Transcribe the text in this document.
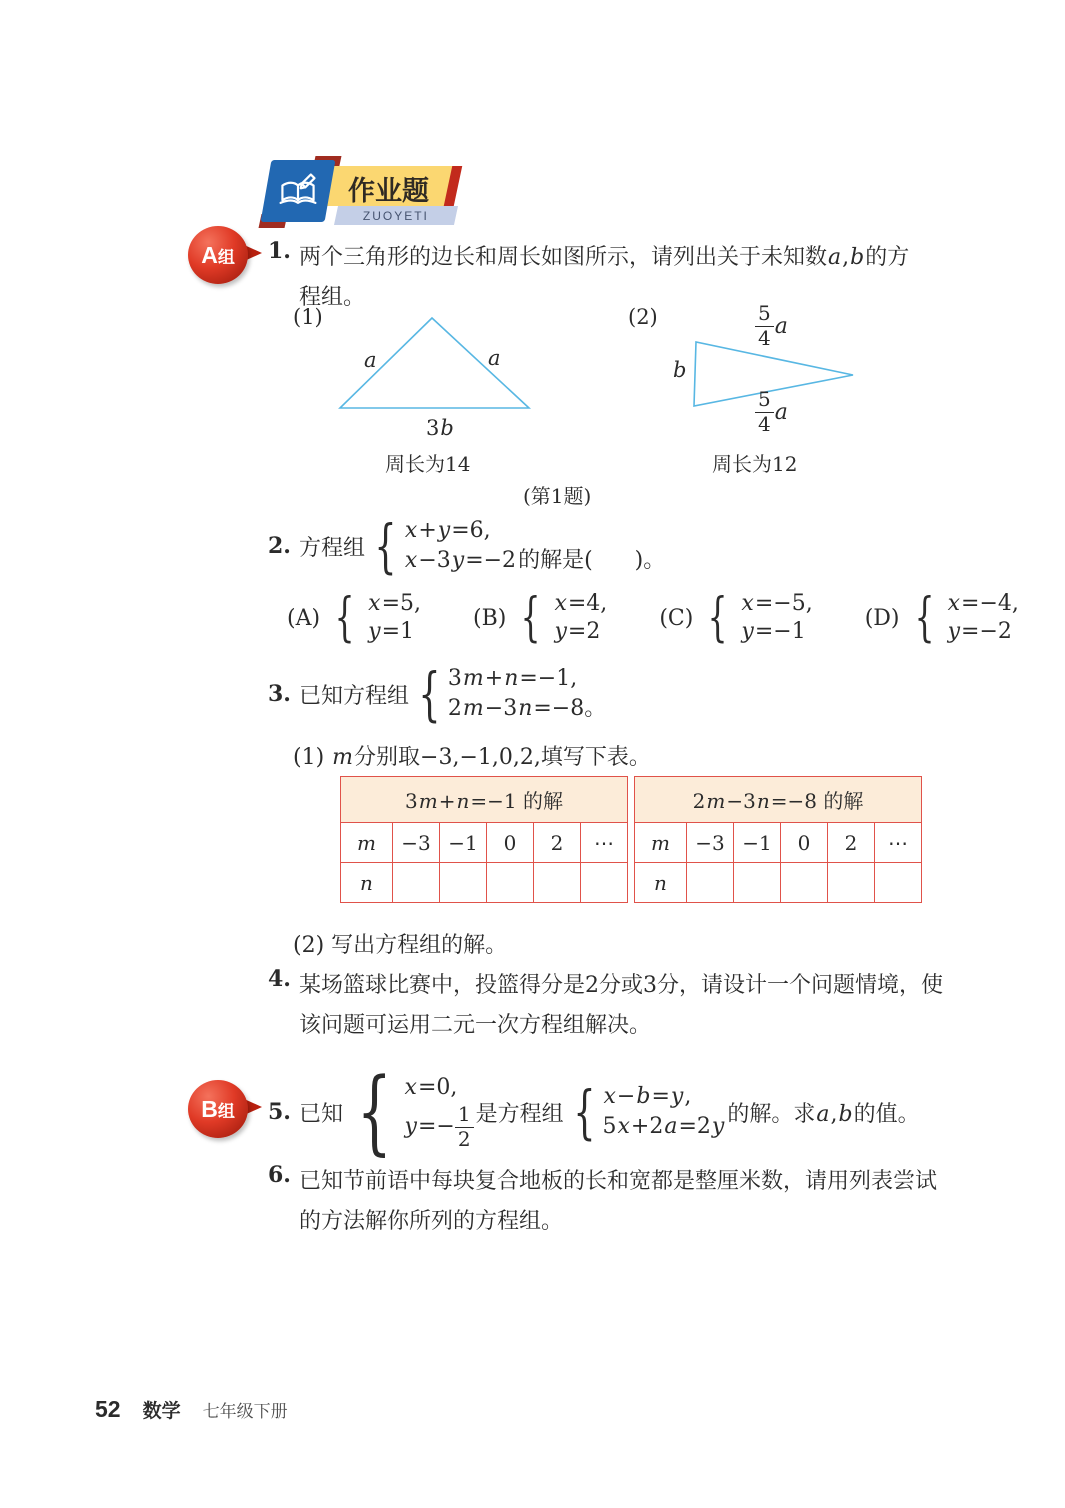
ZUOYETI
作业题
A组 1. 两个三角形的边长和周长如图所示，请列出关于未知数a,b的方
程组。
(1)
a	a
3b
周长为14
(2)
b
$\frac{5}{4}$ a
$\frac{5}{4}$ a
周长为12
(第1题)
2. 方程组 { x+y=6,
x−3y=−2 的解是(      )。
(A) { x=5,
y=1
(B) { x=4,
y=2
(C) { x=−5,
y=−1
(D) { x=−4,
y=−2
3. 已知方程组 { 3m+n=−1,
2m−3n=−8。
(1) m分别取−3,−1,0,2,填写下表。
3m+n=−1 的解					
m	−3	−1	0	2	⋯
n					
2m−3n=−8 的解					
m	−3	−1	0	2	⋯
n					
(2) 写出方程组的解。
4. 某场篮球比赛中，投篮得分是2分或3分，请设计一个问题情境，使
该问题可运用二元一次方程组解决。
B组 5. 已知 { x=0,
$y=- \frac{1}{2}$ 是方程组 { x−b=y,
5x+2a=2y 的解。求a,b的值。
6. 已知节前语中每块复合地板的长和宽都是整厘米数，请用列表尝试
的方法解你所列的方程组。
52 数学 七年级下册
